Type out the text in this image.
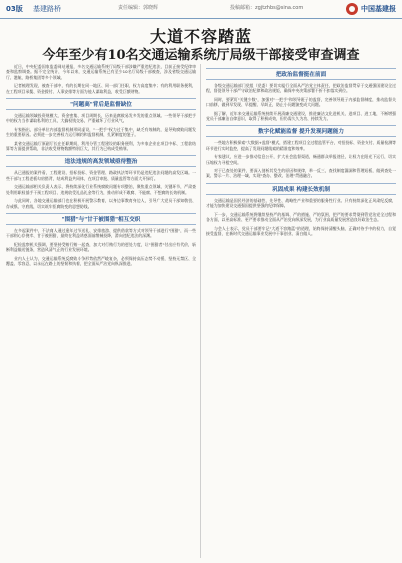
03版 基建路桥	责任编辑：郭晓辉	投稿邮箱：zgjtzhbs@sina.com	中国基建报
大道不容踏蓝
今年至少有10名交通运输系统厅局级干部接受审查调查

近日，中央纪委国家监委网站通报，多名交通运输系统厅局级干部涉嫌严重违纪违法，目前正接受纪律审查和监察调查。据不完全统计，今年以来，交通运输系统已有至少10名厅局级干部被查，涉及省级交通运输厅、港航、路桥集团等多个领域。

记者梳理发现，被查干部中，有的长期在同一地区、同一部门任职，权力高度集中；有的利用职务便利，在工程项目承揽、资金拨付、人事安排等方面为他人谋取利益，收受巨额财物。

"问题高"背后是监督缺位

交通运输领域投资规模大、资金密集、项目周期长，历来是腐败易发多发的重点领域。一些领导干部把手中的权力当作谋取私利的工具，大搞权钱交易，严重破坏了行业风气。

专家指出，部分单位内部监督机制形同虚设，"一把手"权力过于集中，缺乏有效制约，是导致腐败问题发生的重要原因。必须进一步完善权力运行制约和监督机制，扎紧制度的笼子。

某省交通运输厅原副厅长在任职期间，利用分管工程建设的职务便利，为多家企业在项目中标、工程款结算等方面提供帮助，非法收受财物数额特别巨大，其行为已构成受贿罪。

违法违规的高发领域亟待整治

从已通报的案件看，工程建设、招标投标、资金管理、路政执法等环节仍是违纪违法问题的高发区域。一些干部与工程老板勾肩搭背，结成利益共同体，在项目审批、质量监管等方面大开绿灯。

交通运输部相关负责人表示，将持续深化行业系统腐败问题专项整治，聚焦重点领域、关键环节，严肃查处利用职权插手干预工程项目、违规收受礼品礼金等行为，推动形成不敢腐、不能腐、不想腐的长效机制。

与此同时，各地交通运输部门也在积极开展警示教育，以身边事教育身边人，引导广大党员干部知敬畏、存戒惧、守底线，切实筑牢拒腐防变的思想防线。

"围猎"与"甘于被围猎"相互交织

在多起案件中，不法商人通过逢年过节送礼、安排旅游、提供借款等方式对领导干部进行"围猎"，而一些干部则心存侥幸、甘于被围猎，最终在利益诱惑面前缴械投降，滑向违纪违法的深渊。

纪检监察机关强调，要坚持受贿行贿一起查，加大对行贿行为的惩处力度，让"围猎者"付出应有代价，斩断利益输送链条，营造风清气正的行业发展环境。

业内人士认为，交通运输系统反腐败斗争形势依然严峻复杂，必须保持高压态势不动摇，坚持无禁区、全覆盖、零容忍，以永远在路上的坚韧和执着，把全面从严治党向纵深推进。

把政治监督挺在前面

各级交通运输部门党组（党委）要切实履行全面从严治党主体责任，把政治监督贯穿于交通强国建设全过程，督促领导干部严守政治纪律和政治规矩，确保中央决策部署不折不扣落实到位。

同时，要紧盯"关键少数"，加强对"一把手"和领导班子的监督，完善领导班子内部监督制度，推动监督关口前移，做到早发现、早提醒、早纠正，防止小问题演变成大问题。

据了解，近年来交通运输系统持续开展清廉交通建设，推进廉洁文化进机关、进项目、进工地，不断增强党员干部廉洁自律意识，取得了积极成效，但仍需久久为功、持续发力。

数字化赋能监督 提升发现问题能力

一些地方积极探索"大数据+监督"模式，搭建工程项目全过程监管平台，对招投标、资金支付、质量检测等环节进行实时监控，提高了发现问题线索的精准度和效率。

专家建议，应进一步推动信息公开，扩大社会监督渠道，畅通群众举报途径，让权力在阳光下运行，切实压缩权力寻租空间。

对于已查处的案件，要深入剖析其发生的原因和规律，举一反三，查找制度漏洞和管理短板，做到查处一案、警示一片、治理一域，实现"查办、整改、治理"贯通融合。

巩固成果 构建长效机制

交通运输是国民经济的基础性、先导性、战略性产业和重要的服务性行业。只有持续深化正风肃纪反腐，才能为加快建设交通强国提供坚强的纪律保障。

下一步，交通运输系统将继续坚持严的基调、严的措施、严的氛围，把严的要求贯彻到管党治党全过程和各方面，以更高标准、更严要求推动全面从严治党向纵深发展，为行业高质量发展营造良好政治生态。

与会人士表示，党员干部要牢记"大道不容踏蓝"的道理，始终保持清醒头脑，正确对待手中的权力，自觉接受监督，在新时代交通运输事业发展中干事创业、清白做人。
